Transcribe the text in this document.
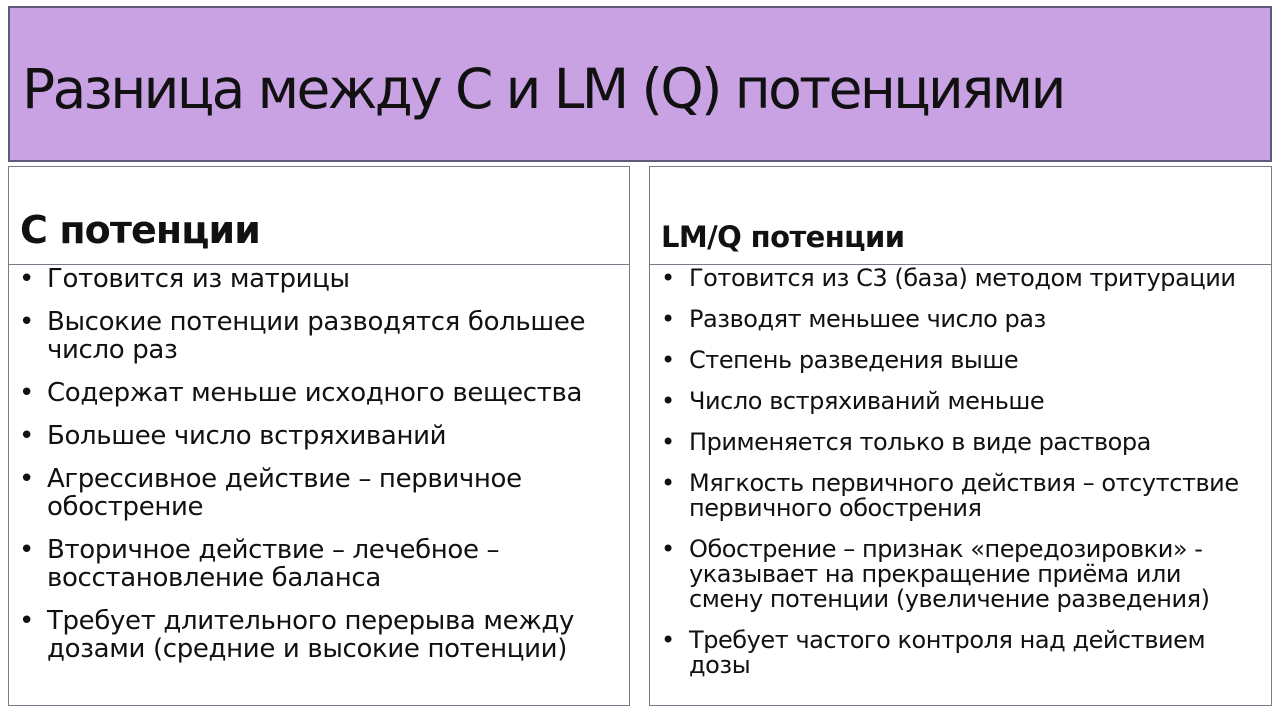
Разница между С и LM (Q) потенциями
С потенции
• Готовится из матрицы
• Высокие потенции разводятся большее
число раз
• Содержат меньше исходного вещества
• Большее число встряхиваний
• Агрессивное действие – первичное
обострение
• Вторичное действие – лечебное –
восстановление баланса
• Требует длительного перерыва между
дозами (средние и высокие потенции)
LM/Q потенции
• Готовится из С3 (база) методом тритурации
• Разводят меньшее число раз
• Степень разведения выше
• Число встряхиваний меньше
• Применяется только в виде раствора
• Мягкость первичного действия – отсутствие
первичного обострения
• Обострение – признак «передозировки» -
указывает на прекращение приёма или
смену потенции (увеличение разведения)
• Требует частого контроля над действием
дозы
